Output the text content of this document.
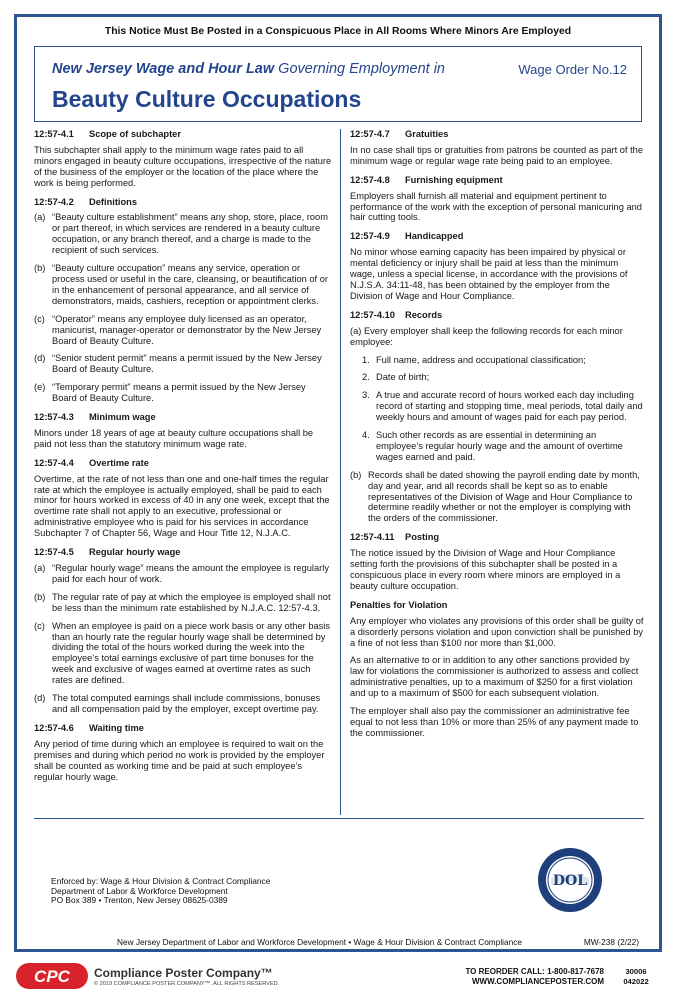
This Notice Must Be Posted in a Conspicuous Place in All Rooms Where Minors Are Employed
New Jersey Wage and Hour Law Governing Employment in	Wage Order No.12
Beauty Culture Occupations
12:57-4.1 Scope of subchapter

This subchapter shall apply to the minimum wage rates paid to all minors engaged in beauty culture occupations, irrespective of the nature of the business of the employer or the location of the place where the work is being performed.

12:57-4.2 Definitions
(a) “Beauty culture establishment” means any shop, store, place, room or part thereof, in which services are rendered in a beauty culture occupation, or any branch thereof, and a charge is made to the recipient of such services.
(b) “Beauty culture occupation” means any service, operation or process used or useful in the care, cleansing, or beautification of or in the enhancement of personal appearance, and all service of demonstrators, maids, cashiers, reception or appointment clerks.
(c) “Operator” means any employee duly licensed as an operator, manicurist, manager-operator or demonstrator by the New Jersey Board of Beauty Culture.
(d) “Senior student permit” means a permit issued by the New Jersey Board of Beauty Culture.
(e) “Temporary permit” means a permit issued by the New Jersey Board of Beauty Culture.
12:57-4.3 Minimum wage

Minors under 18 years of age at beauty culture occupations shall be paid not less than the statutory minimum wage rate.

12:57-4.4 Overtime rate

Overtime, at the rate of not less than one and one-half times the regular rate at which the employee is actually employed, shall be paid to each minor for hours worked in excess of 40 in any one week, except that the overtime rate shall not apply to an executive, professional or administrative employee who is paid for his services in accordance Subchapter 7 of Chapter 56, Wage and Hour Title 12, N.J.A.C.

12:57-4.5 Regular hourly wage
(a) “Regular hourly wage” means the amount the employee is regularly paid for each hour of work.
(b) The regular rate of pay at which the employee is employed shall not be less than the minimum rate established by N.J.A.C. 12:57-4.3.
(c) When an employee is paid on a piece work basis or any other basis than an hourly rate the regular hourly wage shall be determined by dividing the total of the hours worked during the week into the employee’s total earnings exclusive of part time bonuses for the week and exclusive of wages earned at overtime rates as such rates are defined.
(d) The total computed earnings shall include commissions, bonuses and all compensation paid by the employer, except overtime pay.
12:57-4.6 Waiting time

Any period of time during which an employee is required to wait on the premises and during which period no work is provided by the employer shall be counted as working time and be paid at such employee’s regular hourly wage.

12:57-4.7 Gratuities

In no case shall tips or gratuities from patrons be counted as part of the minimum wage or regular wage rate being paid to an employee.

12:57-4.8 Furnishing equipment

Employers shall furnish all material and equipment pertinent to performance of the work with the exception of personal manicuring and hair cutting tools.

12:57-4.9 Handicapped

No minor whose earning capacity has been impaired by physical or mental deficiency or injury shall be paid at less than the minimum wage, unless a special license, in accordance with the provisions of N.J.S.A. 34:11-48, has been obtained by the employer from the Division of Wage and Hour Compliance.

12:57-4.10 Records

(a) Every employer shall keep the following records for each minor employee:

1. Full name, address and occupational classification;
2. Date of birth;
3. A true and accurate record of hours worked each day including record of starting and stopping time, meal periods, total daily and weekly hours and amount of wages paid for each pay period.
4. Such other records as are essential in determining an employee’s regular hourly wage and the amount of overtime wages earned and paid.
(b) Records shall be dated showing the payroll ending date by month, day and year, and all records shall be kept so as to enable representatives of the Division of Wage and Hour Compliance to determine readily whether or not the employer is complying with the orders of the commissioner.
12:57-4.11 Posting

The notice issued by the Division of Wage and Hour Compliance setting forth the provisions of this subchapter shall be posted in a conspicuous place in every room where minors are employed in a beauty culture occupation.

Penalties for Violation

Any employer who violates any provisions of this order shall be guilty of a disorderly persons violation and upon conviction shall be punished by a fine of not less than $100 nor more than $1,000.

As an alternative to or in addition to any other sanctions provided by law for violations the commissioner is authorized to assess and collect administrative penalties, up to a maximum of $250 for a first violation and up to a maximum of $500 for each subsequent violation.

The employer shall also pay the commissioner an administrative fee equal to not less than 10% or more than 25% of any payment made to the commissioner.

Enforced by: Wage & Hour Division & Contract Compliance
Department of Labor & Workforce Development
PO Box 389 • Trenton, New Jersey 08625-0389
DOL
New Jersey Department of Labor and Workforce Development • Wage & Hour Division & Contract Compliance	MW-238 (2/22)
CPC Compliance Poster Company™
© 2019 COMPLIANCE POSTER COMPANY™. ALL RIGHTS RESERVED.
TO REORDER CALL: 1-800-817-7678
WWW.COMPLIANCEPOSTER.COM
30006
042022
